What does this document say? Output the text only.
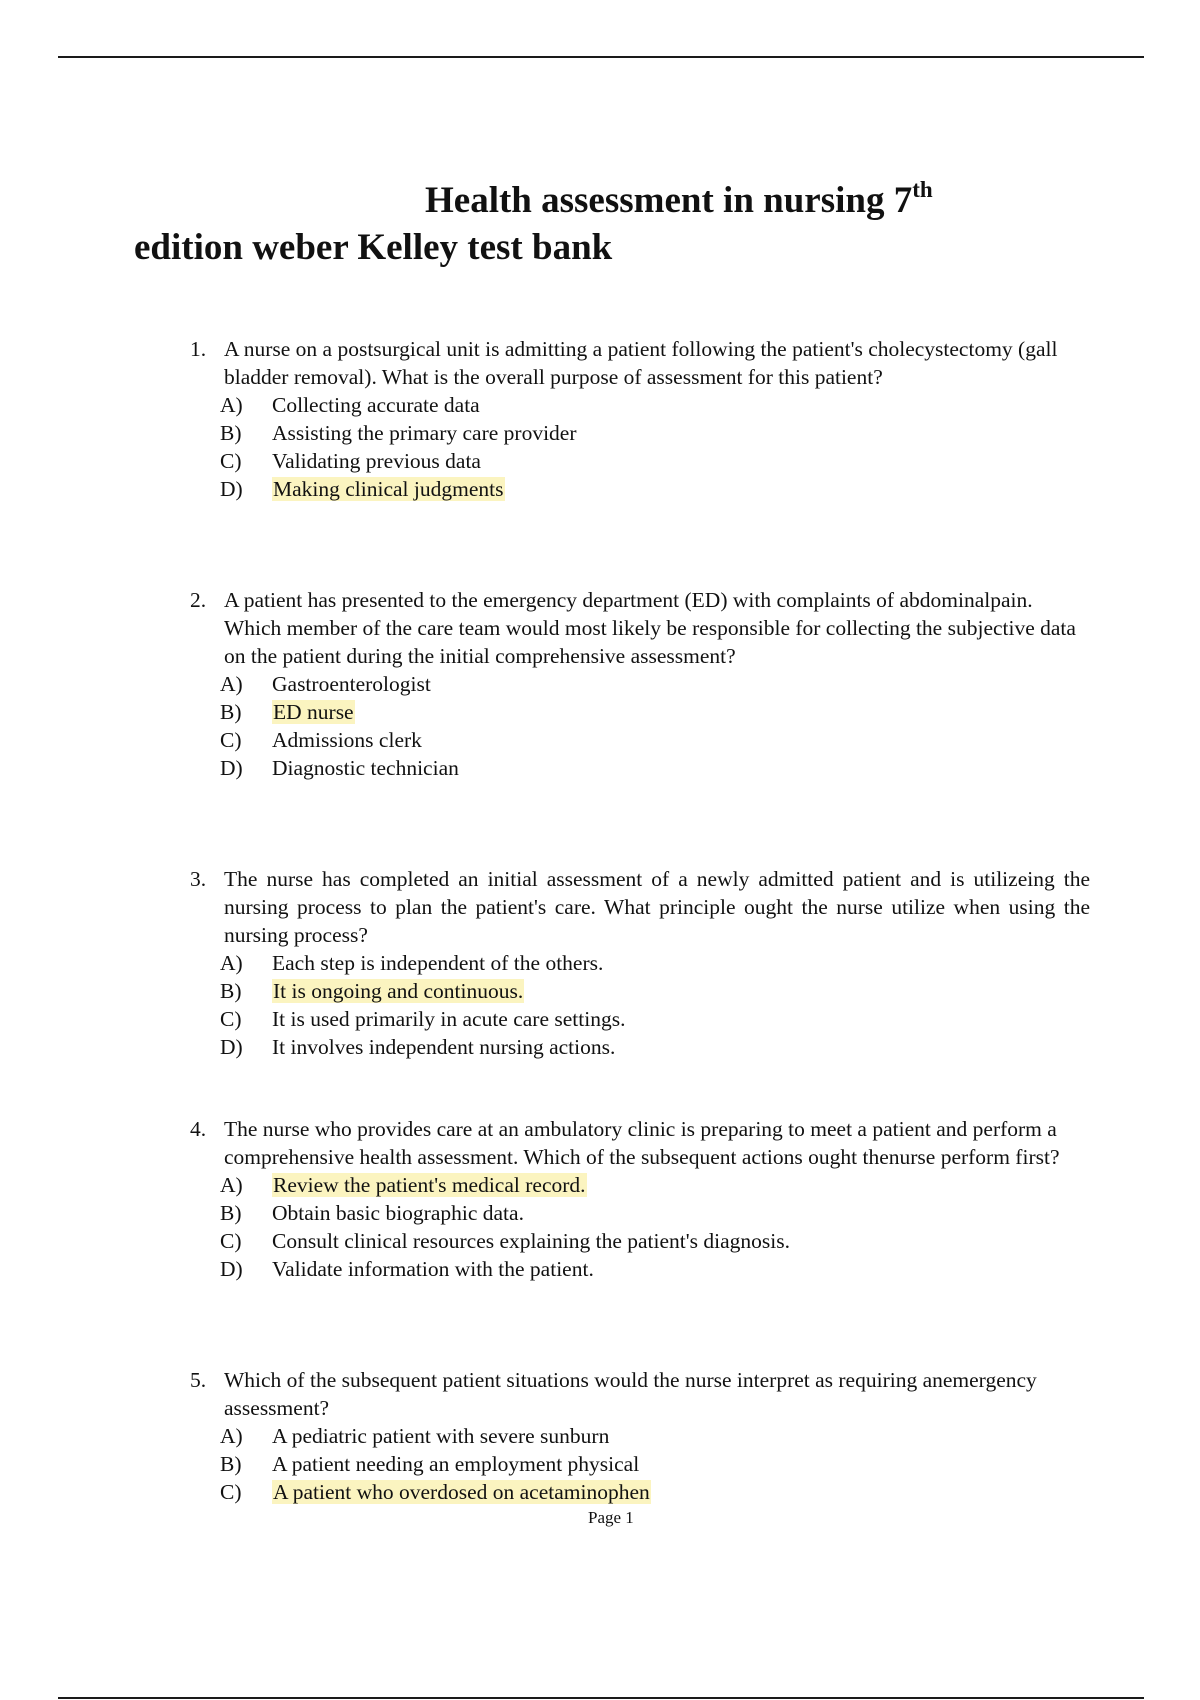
Health assessment in nursing 7th
edition weber Kelley test bank
1. A nurse on a postsurgical unit is admitting a patient following the patient's cholecystectomy (gall bladder removal). What is the overall purpose of assessment for this patient?
A) Collecting accurate data
B) Assisting the primary care provider
C) Validating previous data
D) Making clinical judgments
2. A patient has presented to the emergency department (ED) with complaints of abdominalpain. Which member of the care team would most likely be responsible for collecting the subjective data on the patient during the initial comprehensive assessment?
A) Gastroenterologist
B) ED nurse
C) Admissions clerk
D) Diagnostic technician
3. The nurse has completed an initial assessment of a newly admitted patient and is utilizeing the nursing process to plan the patient's care. What principle ought the nurse utilize when using the nursing process?
A) Each step is independent of the others.
B) It is ongoing and continuous.
C) It is used primarily in acute care settings.
D) It involves independent nursing actions.
4. The nurse who provides care at an ambulatory clinic is preparing to meet a patient and perform a comprehensive health assessment. Which of the subsequent actions ought thenurse perform first?
A) Review the patient's medical record.
B) Obtain basic biographic data.
C) Consult clinical resources explaining the patient's diagnosis.
D) Validate information with the patient.
5. Which of the subsequent patient situations would the nurse interpret as requiring anemergency assessment?
A) A pediatric patient with severe sunburn
B) A patient needing an employment physical
C) A patient who overdosed on acetaminophen
Page 1
